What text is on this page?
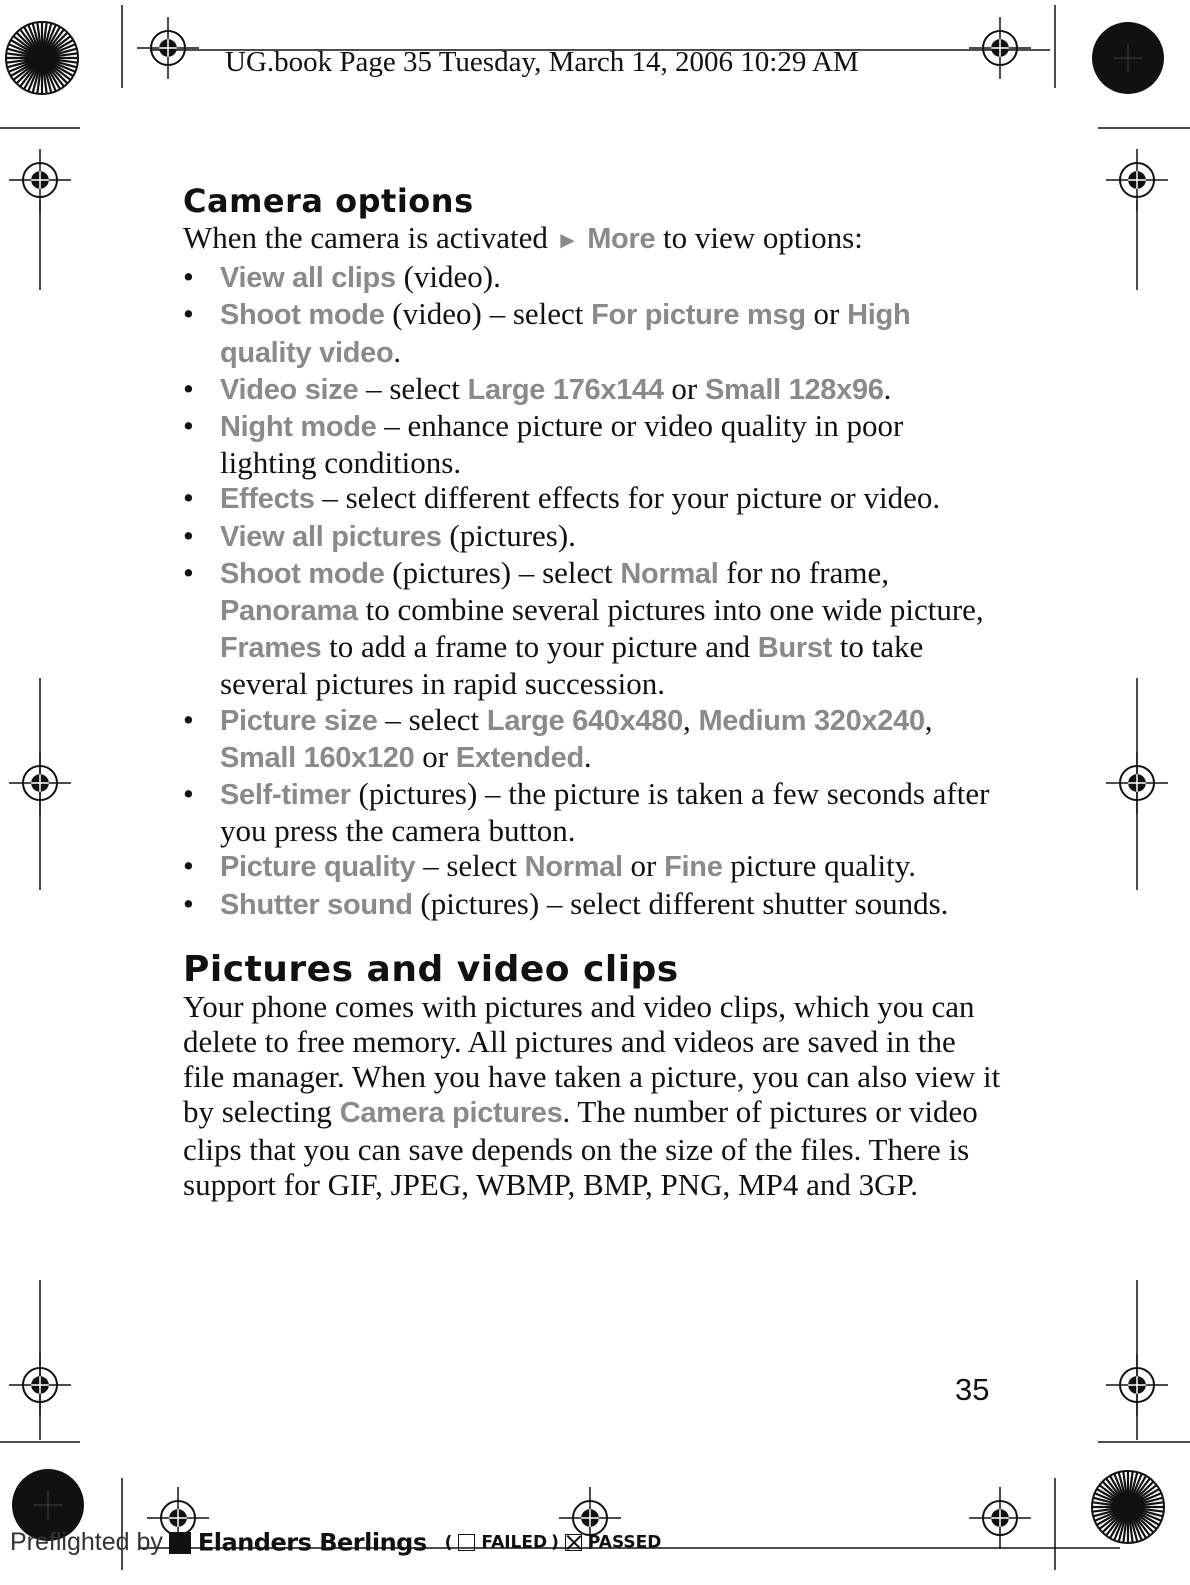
UG.book Page 35 Tuesday, March 14, 2006 10:29 AM
Camera options

When the camera is activated ► More to view options:

• View all clips (video).
• Shoot mode (video) – select For picture msg or High quality video.
• Video size – select Large 176x144 or Small 128x96.
• Night mode – enhance picture or video quality in poor lighting conditions.
• Effects – select different effects for your picture or video.
• View all pictures (pictures).
• Shoot mode (pictures) – select Normal for no frame, Panorama to combine several pictures into one wide picture, Frames to add a frame to your picture and Burst to take several pictures in rapid succession.
• Picture size – select Large 640x480, Medium 320x240, Small 160x120 or Extended.
• Self-timer (pictures) – the picture is taken a few seconds after you press the camera button.
• Picture quality – select Normal or Fine picture quality.
• Shutter sound (pictures) – select different shutter sounds.
Pictures and video clips

Your phone comes with pictures and video clips, which you can delete to free memory. All pictures and videos are saved in the file manager. When you have taken a picture, you can also view it by selecting Camera pictures. The number of pictures or video clips that you can save depends on the size of the files. There is support for GIF, JPEG, WBMP, BMP, PNG, MP4 and 3GP.

35
Preflighted by Elanders Berlings ( FAILED ) PASSED
